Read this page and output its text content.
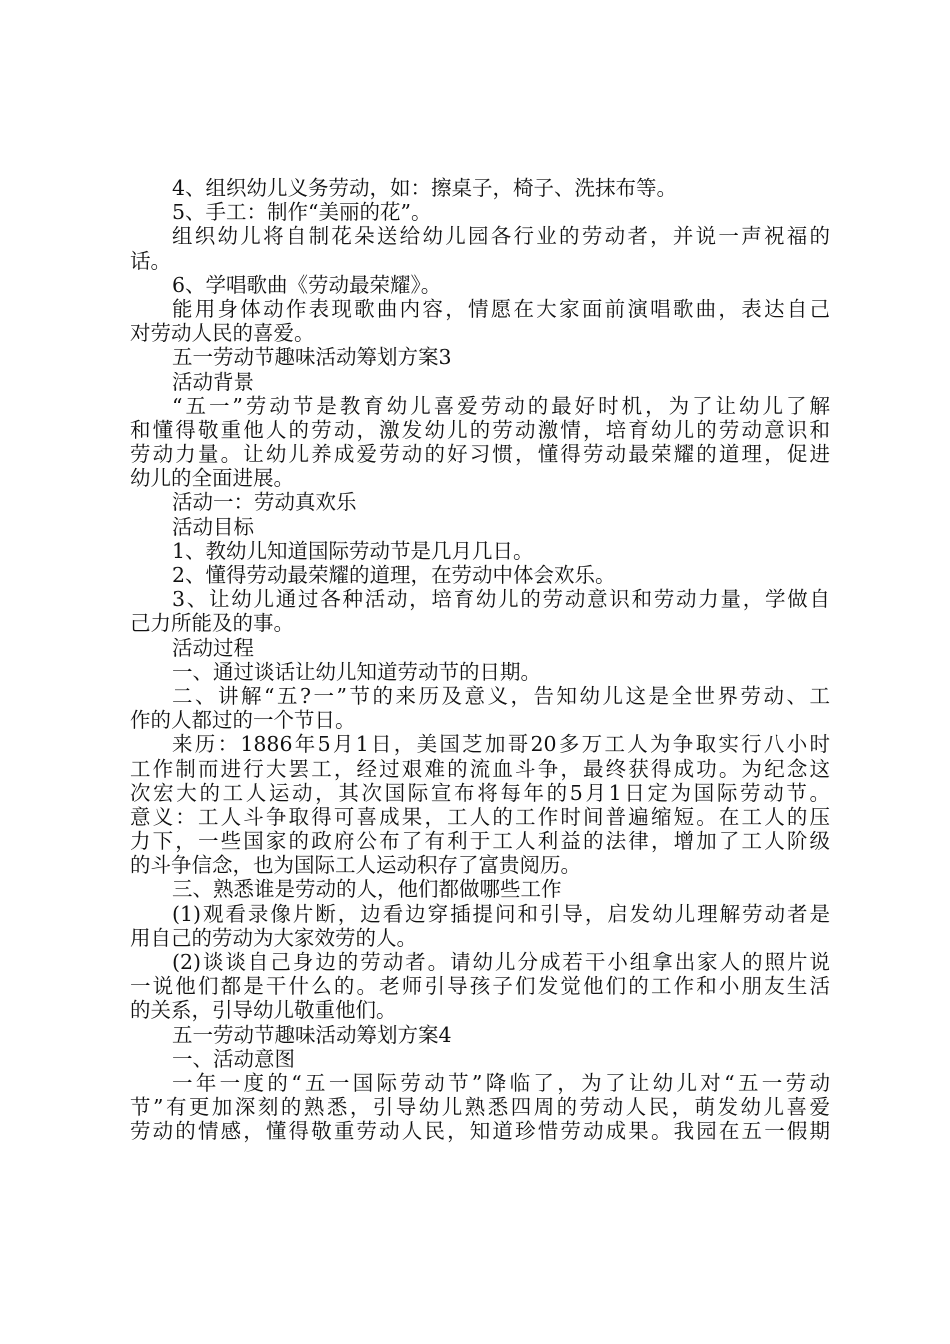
4、组织幼儿义务劳动，如：擦桌子，椅子、洗抹布等。
5、手工：制作“美丽的花”。
组织幼儿将自制花朵送给幼儿园各行业的劳动者，并说一声祝福的
话。
6、学唱歌曲《劳动最荣耀》。
能用身体动作表现歌曲内容，情愿在大家面前演唱歌曲，表达自己
对劳动人民的喜爱。
五一劳动节趣味活动筹划方案3
活动背景
“五一”劳动节是教育幼儿喜爱劳动的最好时机，为了让幼儿了解
和懂得敬重他人的劳动，激发幼儿的劳动激情，培育幼儿的劳动意识和
劳动力量。让幼儿养成爱劳动的好习惯，懂得劳动最荣耀的道理，促进
幼儿的全面进展。
活动一：劳动真欢乐
活动目标
1、教幼儿知道国际劳动节是几月几日。
2、懂得劳动最荣耀的道理，在劳动中体会欢乐。
3、让幼儿通过各种活动，培育幼儿的劳动意识和劳动力量，学做自
己力所能及的事。
活动过程
一、通过谈话让幼儿知道劳动节的日期。
二、讲解“五?一”节的来历及意义，告知幼儿这是全世界劳动、工
作的人都过的一个节日。
来历：1886年5月1日，美国芝加哥20多万工人为争取实行八小时
工作制而进行大罢工，经过艰难的流血斗争，最终获得成功。为纪念这
次宏大的工人运动，其次国际宣布将每年的5月1日定为国际劳动节。
意义：工人斗争取得可喜成果，工人的工作时间普遍缩短。在工人的压
力下，一些国家的政府公布了有利于工人利益的法律，增加了工人阶级
的斗争信念，也为国际工人运动积存了富贵阅历。
三、熟悉谁是劳动的人，他们都做哪些工作
(1)观看录像片断，边看边穿插提问和引导，启发幼儿理解劳动者是
用自己的劳动为大家效劳的人。
(2)谈谈自己身边的劳动者。请幼儿分成若干小组拿出家人的照片说
一说他们都是干什么的。老师引导孩子们发觉他们的工作和小朋友生活
的关系，引导幼儿敬重他们。
五一劳动节趣味活动筹划方案4
一、活动意图
一年一度的“五一国际劳动节”降临了，为了让幼儿对“五一劳动
节”有更加深刻的熟悉，引导幼儿熟悉四周的劳动人民，萌发幼儿喜爱
劳动的情感，懂得敬重劳动人民，知道珍惜劳动成果。我园在五一假期
